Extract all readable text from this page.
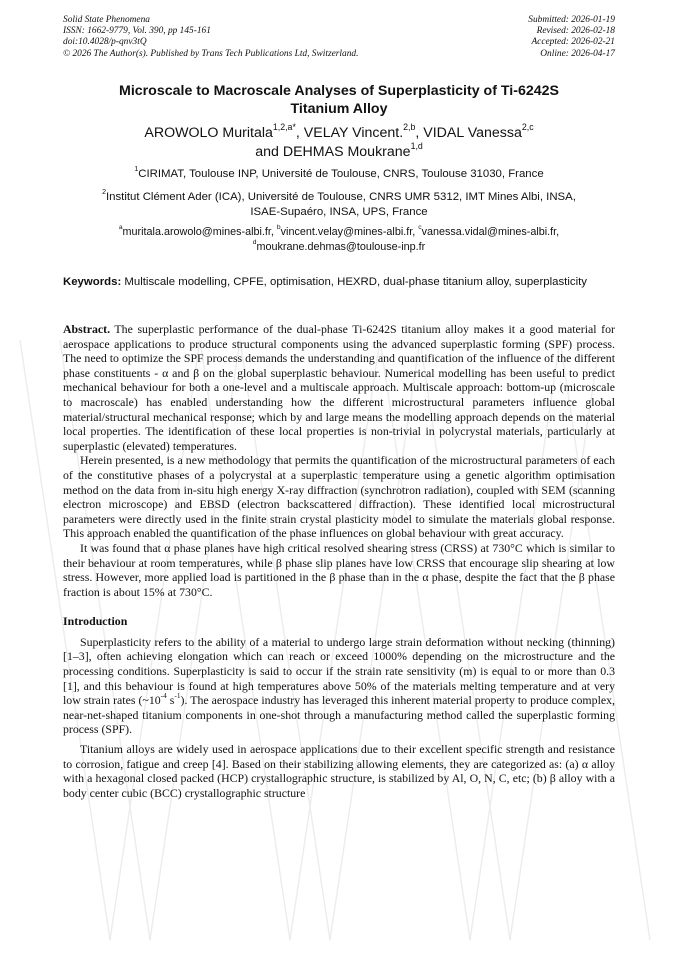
Solid State Phenomena
ISSN: 1662-9779, Vol. 390, pp 145-161
doi:10.4028/p-qnv3tQ
© 2026 The Author(s). Published by Trans Tech Publications Ltd, Switzerland.
Submitted: 2026-01-19
Revised: 2026-02-18
Accepted: 2026-02-21
Online: 2026-04-17
Microscale to Macroscale Analyses of Superplasticity of Ti-6242S
Titanium Alloy
AROWOLO Muritala$^{1,2,a*}$, VELAY Vincent.$^{2,b}$, VIDAL Vanessa$^{2,c}$
and DEHMAS Moukrane$^{1,d}$
$^1$CIRIMAT, Toulouse INP, Université de Toulouse, CNRS, Toulouse 31030, France
$^2$Institut Clément Ader (ICA), Université de Toulouse, CNRS UMR 5312, IMT Mines Albi, INSA,
ISAE-Supaéro, INSA, UPS, France
$^a$muritala.arowolo@mines-albi.fr, $^b$vincent.velay@mines-albi.fr, $^c$vanessa.vidal@mines-albi.fr,
$^d$moukrane.dehmas@toulouse-inp.fr
Keywords: Multiscale modelling, CPFE, optimisation, HEXRD, dual-phase titanium alloy, superplasticity

Abstract. The superplastic performance of the dual-phase Ti-6242S titanium alloy makes it a good material for aerospace applications to produce structural components using the advanced superplastic forming (SPF) process. The need to optimize the SPF process demands the understanding and quantification of the influence of the different phase constituents - α and β on the global superplastic behaviour. Numerical modelling has been useful to predict mechanical behaviour for both a one-level and a multiscale approach. Multiscale approach: bottom-up (microscale to macroscale) has enabled understanding how the different microstructural parameters influence global material/structural mechanical response; which by and large means the modelling approach depends on the material local properties. The identification of these local properties is non-trivial in polycrystal materials, particularly at superplastic (elevated) temperatures.

Herein presented, is a new methodology that permits the quantification of the microstructural parameters of each of the constitutive phases of a polycrystal at a superplastic temperature using a genetic algorithm optimisation method on the data from in-situ high energy X-ray diffraction (synchrotron radiation), coupled with SEM (scanning electron microscope) and EBSD (electron backscattered diffraction). These identified local microstructural parameters were directly used in the finite strain crystal plasticity model to simulate the materials global response. This approach enabled the quantification of the phase influences on global behaviour with great accuracy.

It was found that α phase planes have high critical resolved shearing stress (CRSS) at 730°C which is similar to their behaviour at room temperatures, while β phase slip planes have low CRSS that encourage slip shearing at low stress. However, more applied load is partitioned in the β phase than in the α phase, despite the fact that the β phase fraction is about 15% at 730°C.

Introduction

Superplasticity refers to the ability of a material to undergo large strain deformation without necking (thinning) [1–3], often achieving elongation which can reach or exceed 1000% depending on the microstructure and the processing conditions. Superplasticity is said to occur if the strain rate sensitivity (m) is equal to or more than 0.3 [1], and this behaviour is found at high temperatures above 50% of the materials melting temperature and at very low strain rates ($\sim 10^{-4}$ $s^{-1}$). The aerospace industry has leveraged this inherent material property to produce complex, near-net-shaped titanium components in one-shot through a manufacturing method called the superplastic forming process (SPF).

Titanium alloys are widely used in aerospace applications due to their excellent specific strength and resistance to corrosion, fatigue and creep [4]. Based on their stabilizing allowing elements, they are categorized as: (a) α alloy with a hexagonal closed packed (HCP) crystallographic structure, is stabilized by Al, O, N, C, etc; (b) β alloy with a body center cubic (BCC) crystallographic structure
